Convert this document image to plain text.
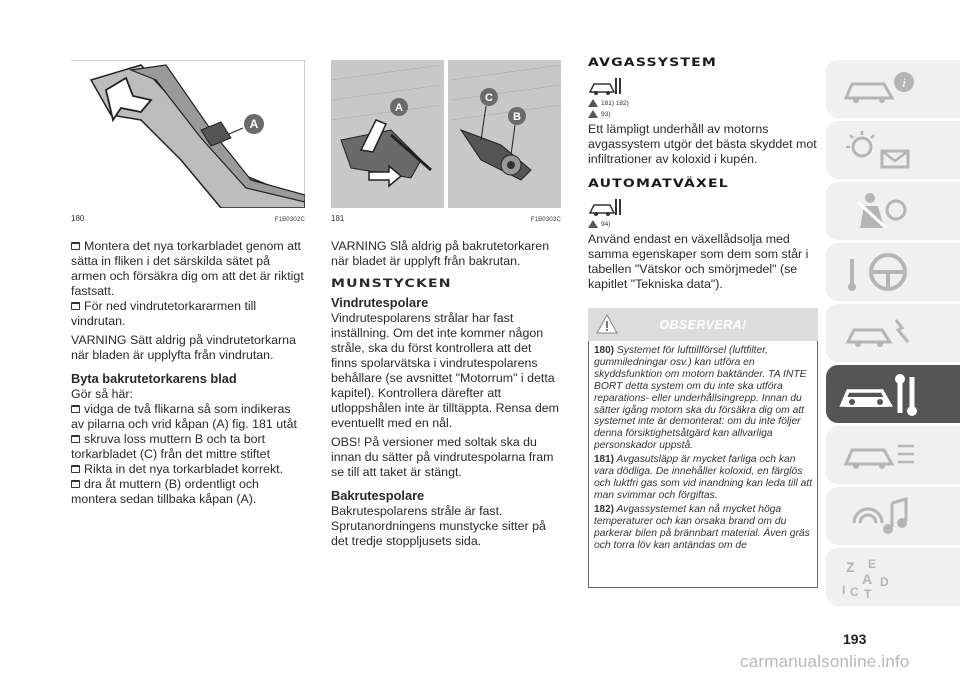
A
180	F1B0302C
Montera det nya torkarbladet genom att sätta in fliken i det särskilda sätet på armen och försäkra dig om att det är riktigt fastsatt.
För ned vindrutetorkararmen till vindrutan.
VARNING Sätt aldrig på vindrutetorkarna när bladen är upplyfta från vindrutan.
Byta bakrutetorkarens blad
Gör så här:
vidga de två flikarna så som indikeras av pilarna och vrid kåpan (A) fig. 181 utåt
skruva loss muttern B och ta bort torkarbladet (C) från det mittre stiftet
Rikta in det nya torkarbladet korrekt.
dra åt muttern (B) ordentligt och montera sedan tillbaka kåpan (A).
A
C
B
181	F1B0303C
VARNING Slå aldrig på bakrutetorkaren när bladet är upplyft från bakrutan.
MUNSTYCKEN
Vindrutespolare
Vindrutespolarens strålar har fast inställning. Om det inte kommer någon stråle, ska du först kontrollera att det finns spolarvätska i vindrutespolarens behållare (se avsnittet "Motorrum" i detta kapitel). Kontrollera därefter att utloppshålen inte är tilltäppta. Rensa dem eventuellt med en nål.
OBS! På versioner med soltak ska du innan du sätter på vindrutespolarna fram se till att taket är stängt.
Bakrutespolare
Bakrutespolarens stråle är fast. Sprutanordningens munstycke sitter på det tredje stoppljusets sida.
AVGASSYSTEM
181) 182)
93)
Ett lämpligt underhåll av motorns avgassystem utgör det bästa skyddet mot infiltrationer av koloxid i kupén.
AUTOMATVÄXEL
94)
Använd endast en växellådsolja med samma egenskaper som dem som står i tabellen "Vätskor och smörjmedel" (se kapitlet "Tekniska data").
OBSERVERA!
180) Systemet för lufttillförsel (luftfilter, gummiledningar osv.) kan utföra en skyddsfunktion om motorn baktänder. TA INTE BORT detta system om du inte ska utföra reparations- eller underhållsingrepp. Innan du sätter igång motorn ska du försäkra dig om att systemet inte är demonterat: om du inte följer denna försiktighetsåtgärd kan allvarliga personskador uppstå.
181) Avgasutsläpp är mycket farliga och kan vara dödliga. De innehåller koloxid, en färglös och luktfri gas som vid inandning kan leda till att man svimmar och förgiftas.
182) Avgassystemet kan nå mycket höga temperaturer och kan orsaka brand om du parkerar bilen på brännbart material. Även gräs och torra löv kan antändas om de
i
Z E
A D
I C T
193
carmanualsonline.info
